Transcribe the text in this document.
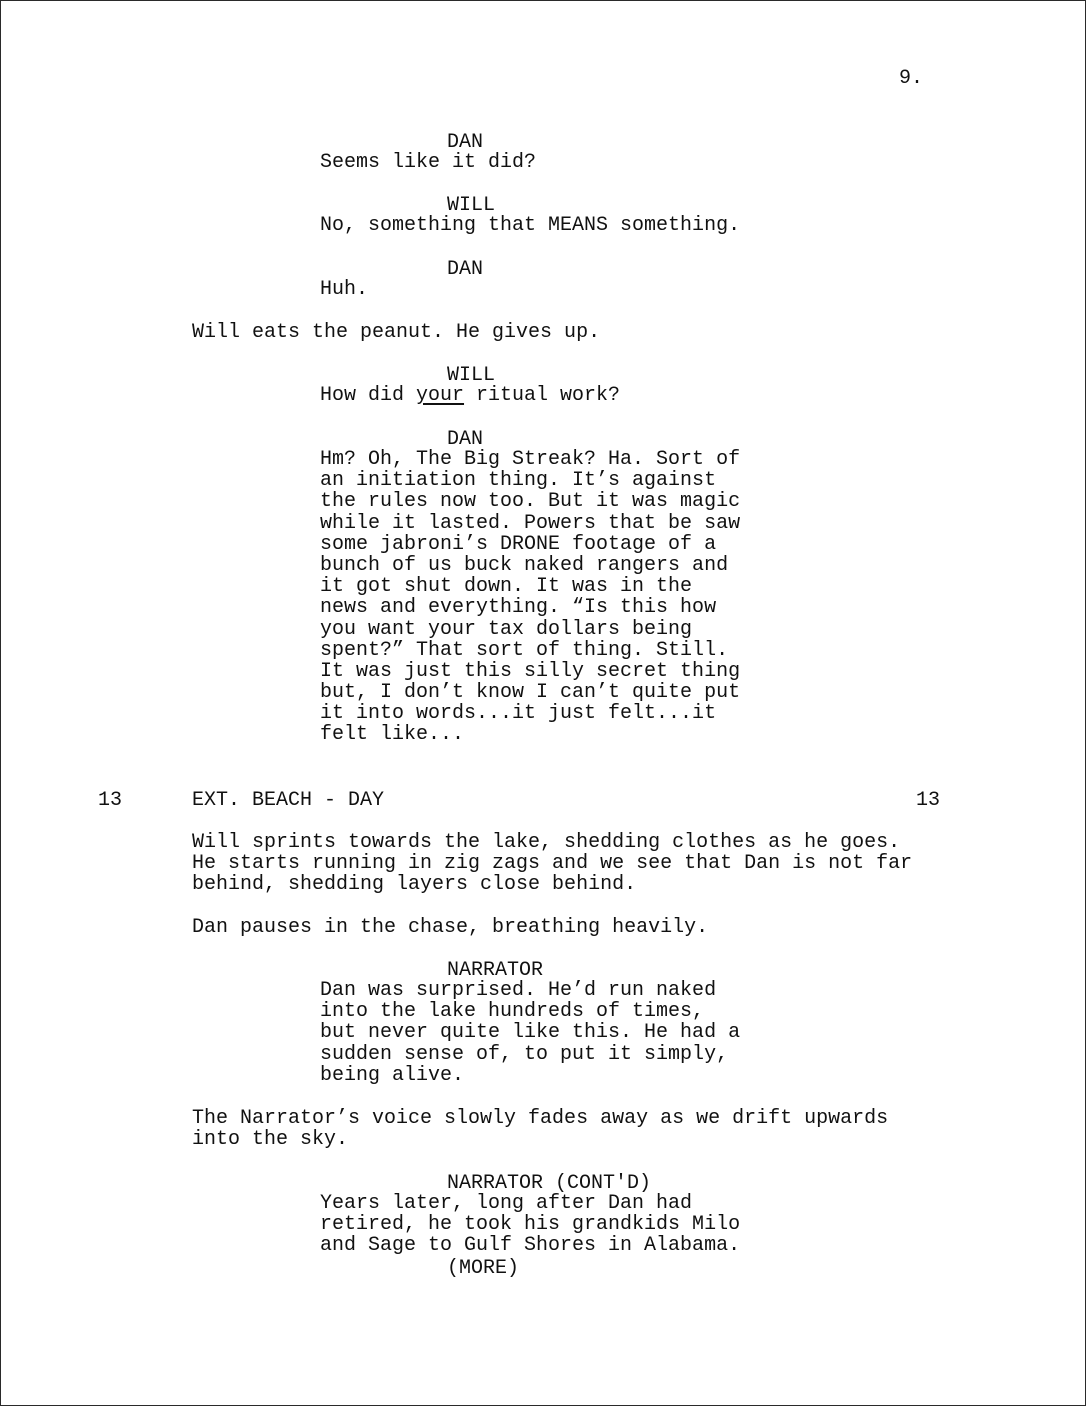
9.
DAN
Seems like it did?
WILL
No, something that MEANS something.
DAN
Huh.
Will eats the peanut. He gives up.
WILL
How did your ritual work?
DAN
Hm? Oh, The Big Streak? Ha. Sort of
an initiation thing. It’s against
the rules now too. But it was magic
while it lasted. Powers that be saw
some jabroni’s DRONE footage of a
bunch of us buck naked rangers and
it got shut down. It was in the
news and everything. “Is this how
you want your tax dollars being
spent?” That sort of thing. Still.
It was just this silly secret thing
but, I don’t know I can’t quite put
it into words...it just felt...it
felt like...
13	EXT. BEACH - DAY	13
Will sprints towards the lake, shedding clothes as he goes.
He starts running in zig zags and we see that Dan is not far
behind, shedding layers close behind.
Dan pauses in the chase, breathing heavily.
NARRATOR
Dan was surprised. He’d run naked
into the lake hundreds of times,
but never quite like this. He had a
sudden sense of, to put it simply,
being alive.
The Narrator’s voice slowly fades away as we drift upwards
into the sky.
NARRATOR (CONT'D)
Years later, long after Dan had
retired, he took his grandkids Milo
and Sage to Gulf Shores in Alabama.
(MORE)
